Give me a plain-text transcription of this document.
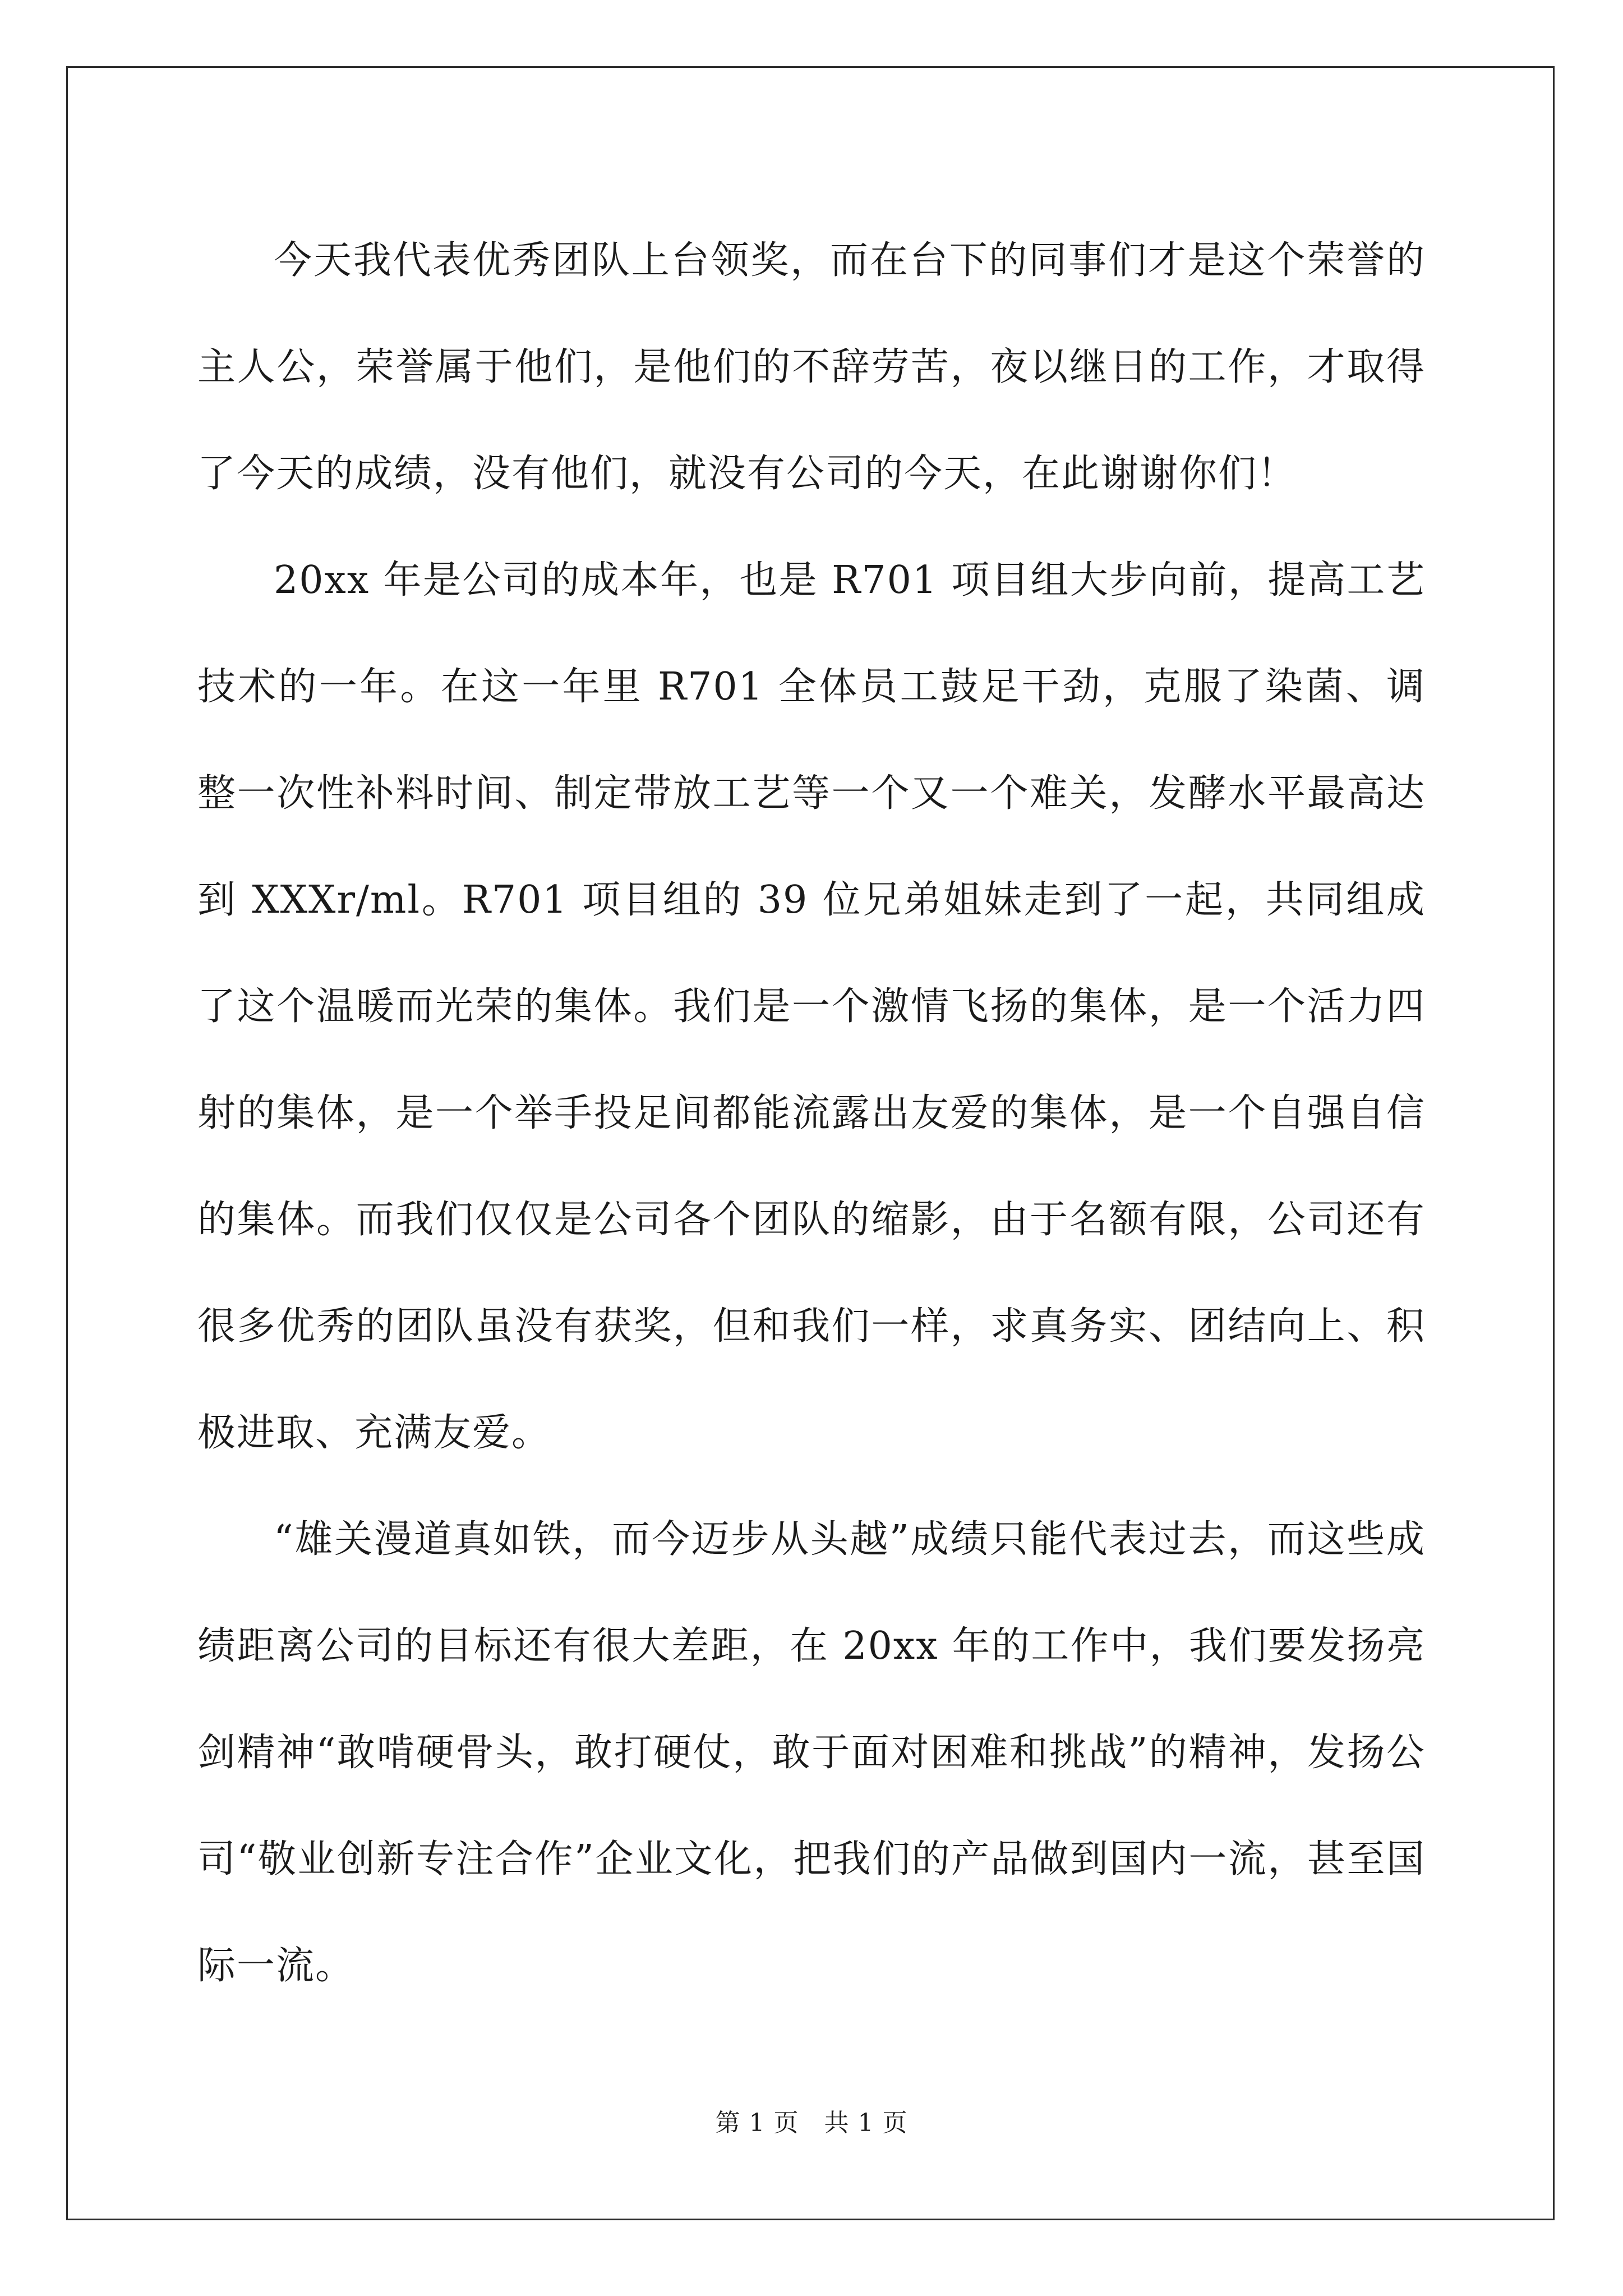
今天我代表优秀团队上台领奖，而在台下的同事们才是这个荣誉的主人公，荣誉属于他们，是他们的不辞劳苦，夜以继日的工作，才取得了今天的成绩，没有他们，就没有公司的今天，在此谢谢你们！

20xx 年是公司的成本年，也是 R701 项目组大步向前，提高工艺技术的一年。在这一年里 R701 全体员工鼓足干劲，克服了染菌、调整一次性补料时间、制定带放工艺等一个又一个难关，发酵水平最高达到 XXXr/ml。R701 项目组的 39 位兄弟姐妹走到了一起，共同组成了这个温暖而光荣的集体。我们是一个激情飞扬的集体，是一个活力四射的集体，是一个举手投足间都能流露出友爱的集体，是一个自强自信的集体。而我们仅仅是公司各个团队的缩影，由于名额有限，公司还有很多优秀的团队虽没有获奖，但和我们一样，求真务实、团结向上、积极进取、充满友爱。

“雄关漫道真如铁，而今迈步从头越”成绩只能代表过去，而这些成绩距离公司的目标还有很大差距，在 20xx 年的工作中，我们要发扬亮剑精神“敢啃硬骨头，敢打硬仗，敢于面对困难和挑战”的精神，发扬公司“敬业创新专注合作”企业文化，把我们的产品做到国内一流，甚至国际一流。

第 1 页 共 1 页
